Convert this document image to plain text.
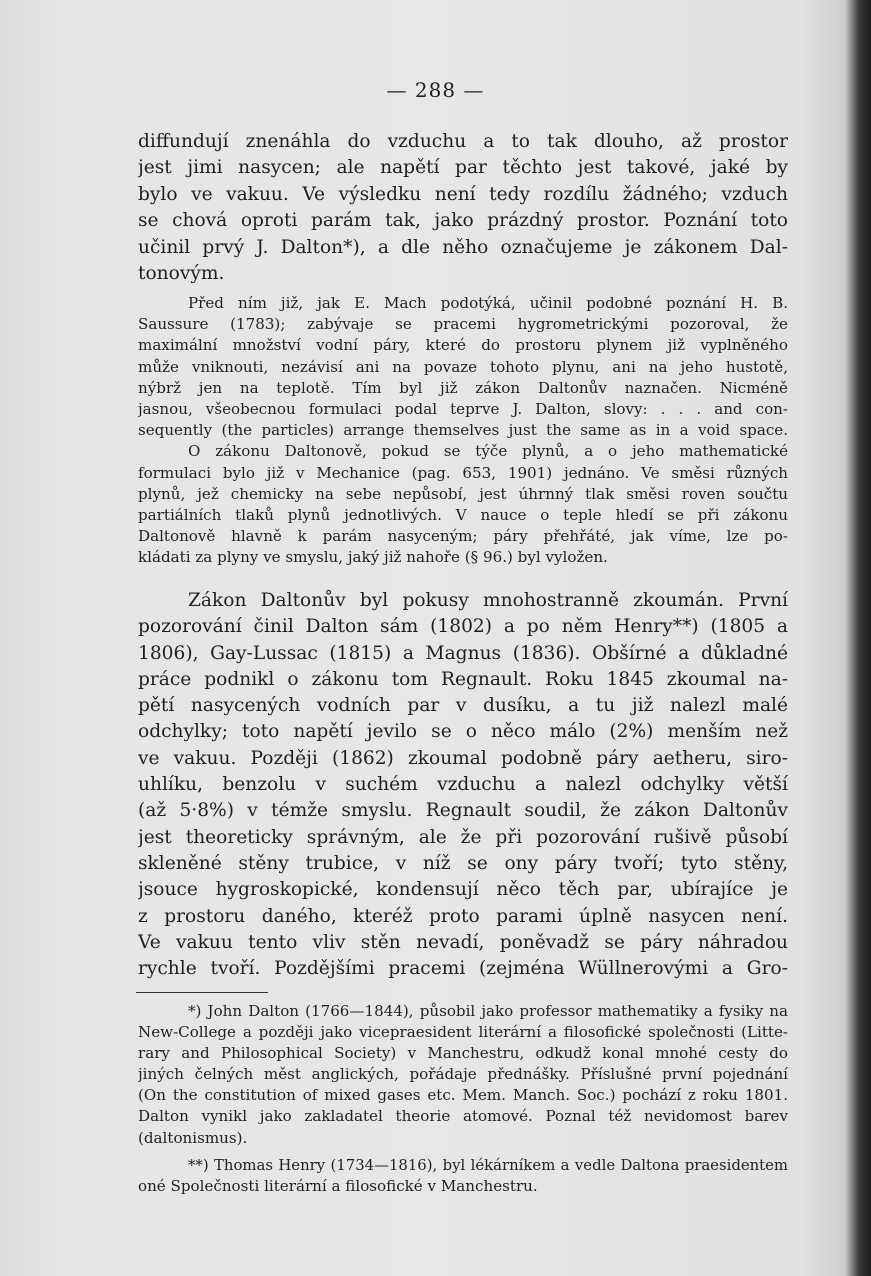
— 288 —
diffundují znenáhla do vzduchu a to tak dlouho, až prostor
jest jimi nasycen; ale napětí par těchto jest takové, jaké by
bylo ve vakuu. Ve výsledku není tedy rozdílu žádného; vzduch
se chová oproti parám tak, jako prázdný prostor. Poznání toto
učinil prvý J. Dalton*), a dle něho označujeme je zákonem Dal-
tonovým.
Před ním již, jak E. Mach podotýká, učinil podobné poznání H. B.
Saussure (1783); zabývaje se pracemi hygrometrickými pozoroval, že
maximální množství vodní páry, které do prostoru plynem již vyplněného
může vniknouti, nezávisí ani na povaze tohoto plynu, ani na jeho hustotě,
nýbrž jen na teplotě. Tím byl již zákon Daltonův naznačen. Nicméně
jasnou, všeobecnou formulaci podal teprve J. Dalton, slovy: . . . and con-
sequently (the particles) arrange themselves just the same as in a void space.
O zákonu Daltonově, pokud se týče plynů, a o jeho mathematické
formulaci bylo již v Mechanice (pag. 653, 1901) jednáno. Ve směsi různých
plynů, jež chemicky na sebe nepůsobí, jest úhrnný tlak směsi roven součtu
partiálních tlaků plynů jednotlivých. V nauce o teple hledí se při zákonu
Daltonově hlavně k parám nasyceným; páry přehřáté, jak víme, lze po-
kládati za plyny ve smyslu, jaký již nahoře (§ 96.) byl vyložen.
Zákon Daltonův byl pokusy mnohostranně zkoumán. První
pozorování činil Dalton sám (1802) a po něm Henry**) (1805 a
1806), Gay-Lussac (1815) a Magnus (1836). Obšírné a důkladné
práce podnikl o zákonu tom Regnault. Roku 1845 zkoumal na-
pětí nasycených vodních par v dusíku, a tu již nalezl malé
odchylky; toto napětí jevilo se o něco málo (2%) menším než
ve vakuu. Později (1862) zkoumal podobně páry aetheru, siro-
uhlíku, benzolu v suchém vzduchu a nalezl odchylky větší
(až 5·8%) v témže smyslu. Regnault soudil, že zákon Daltonův
jest theoreticky správným, ale že při pozorování rušivě působí
skleněné stěny trubice, v níž se ony páry tvoří; tyto stěny,
jsouce hygroskopické, kondensují něco těch par, ubírajíce je
z prostoru daného, kteréž proto parami úplně nasycen není.
Ve vakuu tento vliv stěn nevadí, poněvadž se páry náhradou
rychle tvoří. Pozdějšími pracemi (zejména Wüllnerovými a Gro-
*) John Dalton (1766—1844), působil jako professor mathematiky a fysiky na
New-College a později jako vicepraesident literární a filosofické společnosti (Litte-
rary and Philosophical Society) v Manchestru, odkudž konal mnohé cesty do
jiných čelných měst anglických, pořádaje přednášky. Příslušné první pojednání
(On the constitution of mixed gases etc. Mem. Manch. Soc.) pochází z roku 1801.
Dalton vynikl jako zakladatel theorie atomové. Poznal též nevidomost barev
(daltonismus).
**) Thomas Henry (1734—1816), byl lékárníkem a vedle Daltona praesidentem
oné Společnosti literární a filosofické v Manchestru.
